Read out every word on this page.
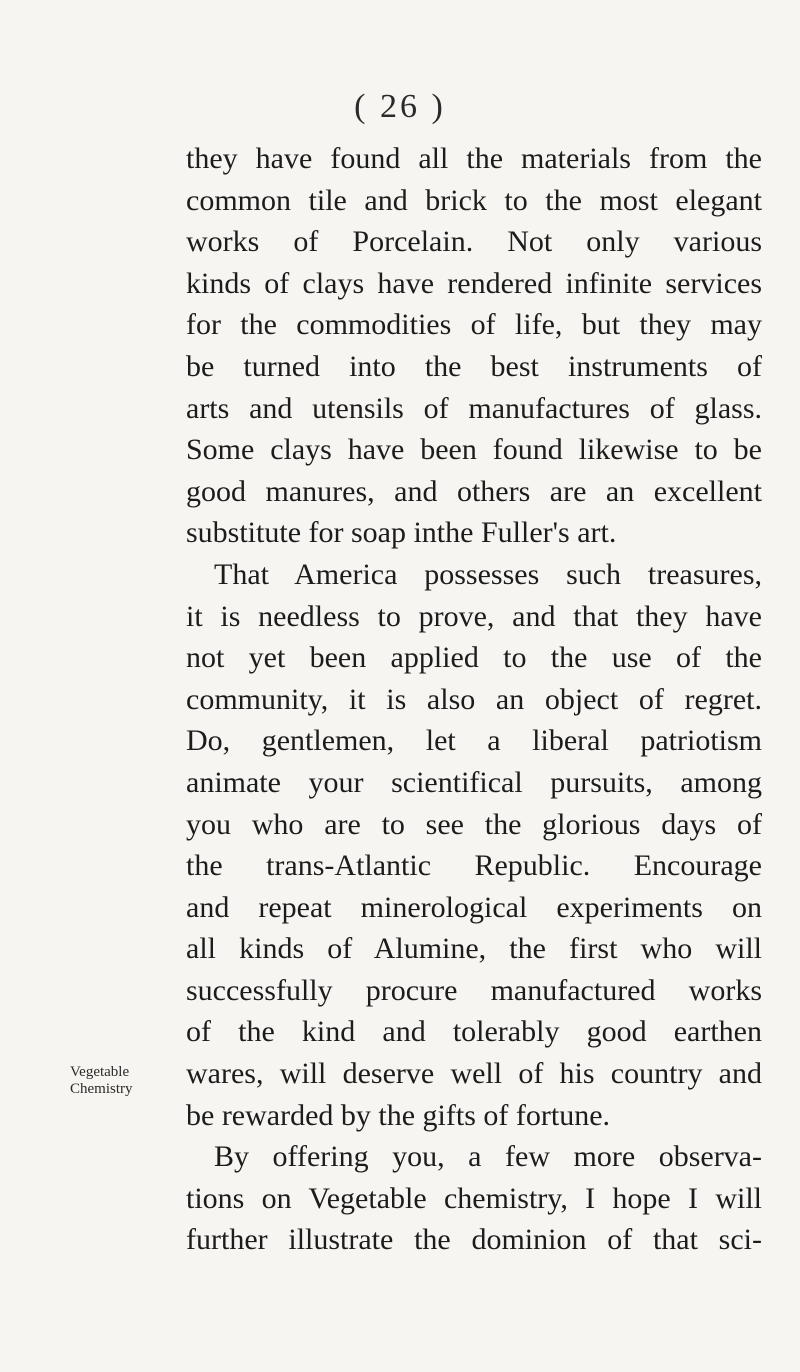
( 26 )
Vegetable
Chemistry
they have found all the materials from the
common tile and brick to the most elegant
works of Porcelain. Not only various
kinds of clays have rendered infinite services
for the commodities of life, but they may
be turned into the best instruments of
arts and utensils of manufactures of glass.
Some clays have been found likewise to be
good manures, and others are an excellent
substitute for soap inthe Fuller's art.
That America possesses such treasures,
it is needless to prove, and that they have
not yet been applied to the use of the
community, it is also an object of regret.
Do, gentlemen, let a liberal patriotism
animate your scientifical pursuits, among
you who are to see the glorious days of
the trans-Atlantic Republic. Encourage
and repeat minerological experiments on
all kinds of Alumine, the first who will
successfully procure manufactured works
of the kind and tolerably good earthen
wares, will deserve well of his country and
be rewarded by the gifts of fortune.
By offering you, a few more observa-
tions on Vegetable chemistry, I hope I will
further illustrate the dominion of that sci-
